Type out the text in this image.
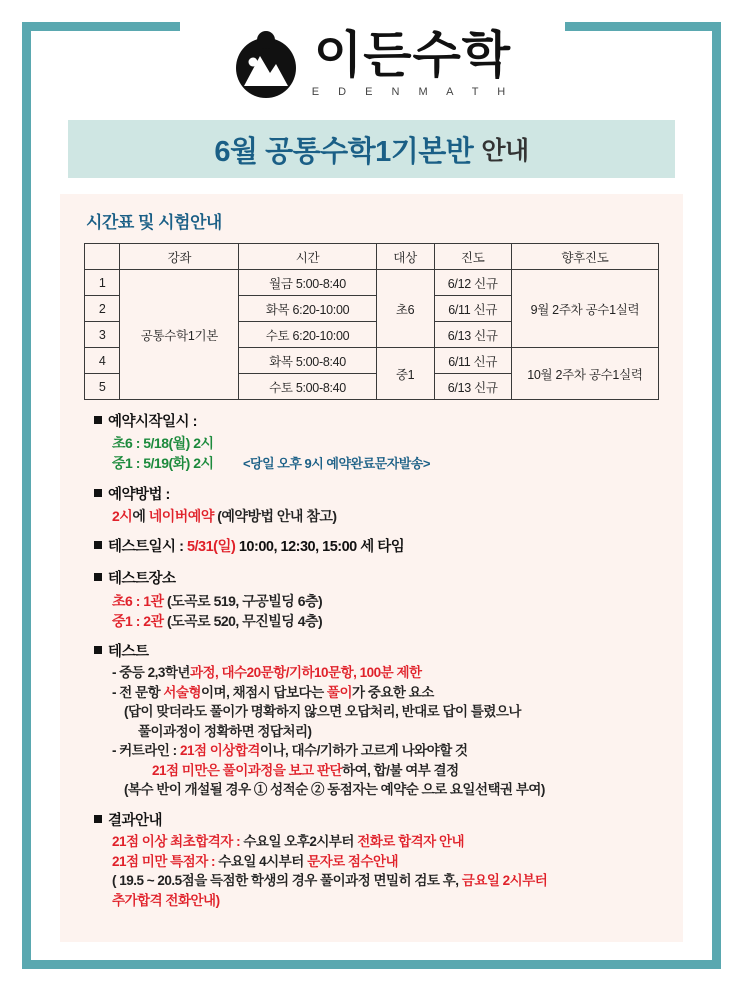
이든수학
E D E N M A T H
6월 공통수학1기본반 안내
시간표 및 시험안내
	강좌	시간	대상	진도	향후진도
1	공통수학1기본	월금 5:00-8:40	초6	6/12 신규	9월 2주차 공수1실력
2		화목 6:20-10:00		6/11 신규	
3		수토 6:20-10:00		6/13 신규	
4		화목 5:00-8:40	중1	6/11 신규	10월 2주차 공수1실력
5		수토 5:00-8:40		6/13 신규	
예약시작일시 :
초6 : 5/18(월) 2시
중1 : 5/19(화) 2시 <당일 오후 9시 예약완료문자발송>
예약방법 :
2시에 네이버예약 (예약방법 안내 참고)
테스트일시 : 5/31(일) 10:00, 12:30, 15:00 세 타임
테스트장소
초6 : 1관 (도곡로 519, 구공빌딩 6층)
중1 : 2관 (도곡로 520, 무진빌딩 4층)
테스트
- 중등 2,3학년과정, 대수20문항/기하10문항, 100분 제한
- 전 문항 서술형이며, 채점시 답보다는 풀이가 중요한 요소
(답이 맞더라도 풀이가 명확하지 않으면 오답처리, 반대로 답이 틀렸으나
풀이과정이 정확하면 정답처리)
- 커트라인 : 21점 이상합격이나, 대수/기하가 고르게 나와야할 것
21점 미만은 풀이과정을 보고 판단하여, 합/불 여부 결정
(복수 반이 개설될 경우 ① 성적순 ② 동점자는 예약순 으로 요일선택권 부여)
결과안내
21점 이상 최초합격자 : 수요일 오후2시부터 전화로 합격자 안내
21점 미만 특점자 : 수요일 4시부터 문자로 점수안내
( 19.5 ~ 20.5점을 득점한 학생의 경우 풀이과정 면밀히 검토 후, 금요일 2시부터
추가합격 전화안내)
